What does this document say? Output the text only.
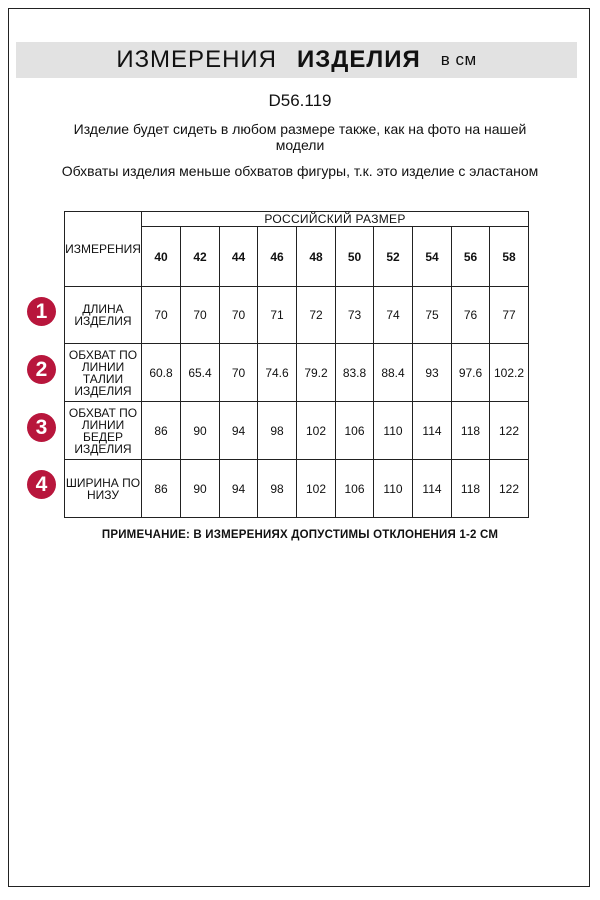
ИЗМЕРЕНИЯ ИЗДЕЛИЯ в см
D56.119
Изделие будет сидеть в любом размере также, как на фото на нашей модели
Обхваты изделия меньше обхватов фигуры, т.к. это изделие с эластаном
ИЗМЕРЕНИЯ	РОССИЙСКИЙ РАЗМЕР									
	40	42	44	46	48	50	52	54	56	58
ДЛИНА ИЗДЕЛИЯ	70	70	70	71	72	73	74	75	76	77
ОБХВАТ ПО ЛИНИИ ТАЛИИ ИЗДЕЛИЯ	60.8	65.4	70	74.6	79.2	83.8	88.4	93	97.6	102.2
ОБХВАТ ПО ЛИНИИ БЕДЕР ИЗДЕЛИЯ	86	90	94	98	102	106	110	114	118	122
ШИРИНА ПО НИЗУ	86	90	94	98	102	106	110	114	118	122
1
2
3
4
ПРИМЕЧАНИЕ: В ИЗМЕРЕНИЯХ ДОПУСТИМЫ ОТКЛОНЕНИЯ 1-2 СМ
